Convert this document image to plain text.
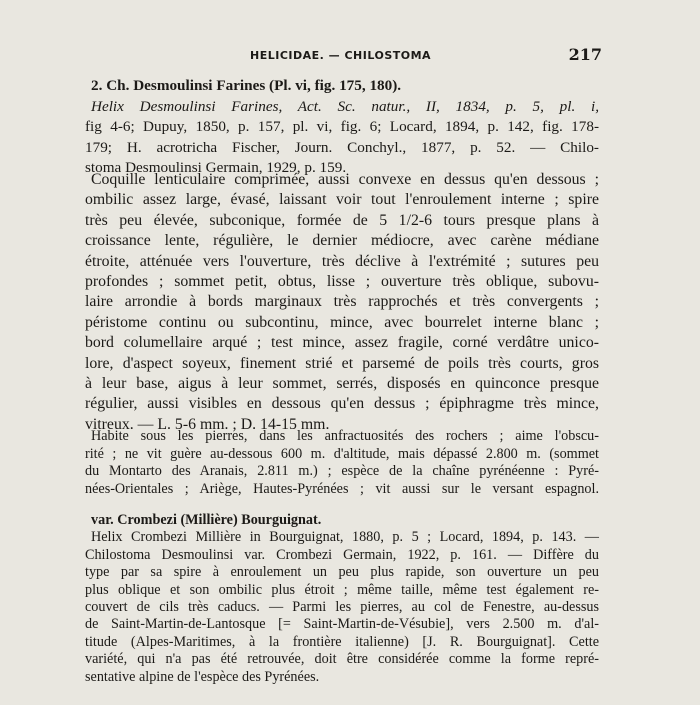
HELICIDAE. — CHILOSTOMA	217
2. Ch. Desmoulinsi Farines (Pl. vi, fig. 175, 180).
Helix Desmoulinsi Farines, Act. Sc. natur., II, 1834, p. 5, pl. i,
fig 4-6; Dupuy, 1850, p. 157, pl. vi, fig. 6; Locard, 1894, p. 142, fig. 178-
179; H. acrotricha Fischer, Journ. Conchyl., 1877, p. 52. — Chilo-
stoma Desmoulinsi Germain, 1929, p. 159.
Coquille lenticulaire comprimée, aussi convexe en dessus qu'en dessous ;
ombilic assez large, évasé, laissant voir tout l'enroulement interne ; spire
très peu élevée, subconique, formée de 5 1/2-6 tours presque plans à
croissance lente, régulière, le dernier médiocre, avec carène médiane
étroite, atténuée vers l'ouverture, très déclive à l'extrémité ; sutures peu
profondes ; sommet petit, obtus, lisse ; ouverture très oblique, subovu-
laire arrondie à bords marginaux très rapprochés et très convergents ;
péristome continu ou subcontinu, mince, avec bourrelet interne blanc ;
bord columellaire arqué ; test mince, assez fragile, corné verdâtre unico-
lore, d'aspect soyeux, finement strié et parsemé de poils très courts, gros
à leur base, aigus à leur sommet, serrés, disposés en quinconce presque
régulier, aussi visibles en dessous qu'en dessus ; épiphragme très mince,
vitreux. — L. 5-6 mm. ; D. 14-15 mm.
Habite sous les pierres, dans les anfractuosités des rochers ; aime l'obscu-
rité ; ne vit guère au-dessous 600 m. d'altitude, mais dépassé 2.800 m. (sommet
du Montarto des Aranais, 2.811 m.) ; espèce de la chaîne pyrénéenne : Pyré-
nées-Orientales ; Ariège, Hautes-Pyrénées ; vit aussi sur le versant espagnol.
var. Crombezi (Millière) Bourguignat.
Helix Crombezi Millière in Bourguignat, 1880, p. 5 ; Locard, 1894, p. 143. —
Chilostoma Desmoulinsi var. Crombezi Germain, 1922, p. 161. — Diffère du
type par sa spire à enroulement un peu plus rapide, son ouverture un peu
plus oblique et son ombilic plus étroit ; même taille, même test également re-
couvert de cils très caducs. — Parmi les pierres, au col de Fenestre, au-dessus
de Saint-Martin-de-Lantosque [= Saint-Martin-de-Vésubie], vers 2.500 m. d'al-
titude (Alpes-Maritimes, à la frontière italienne) [J. R. Bourguignat]. Cette
variété, qui n'a pas été retrouvée, doit être considérée comme la forme repré-
sentative alpine de l'espèce des Pyrénées.
